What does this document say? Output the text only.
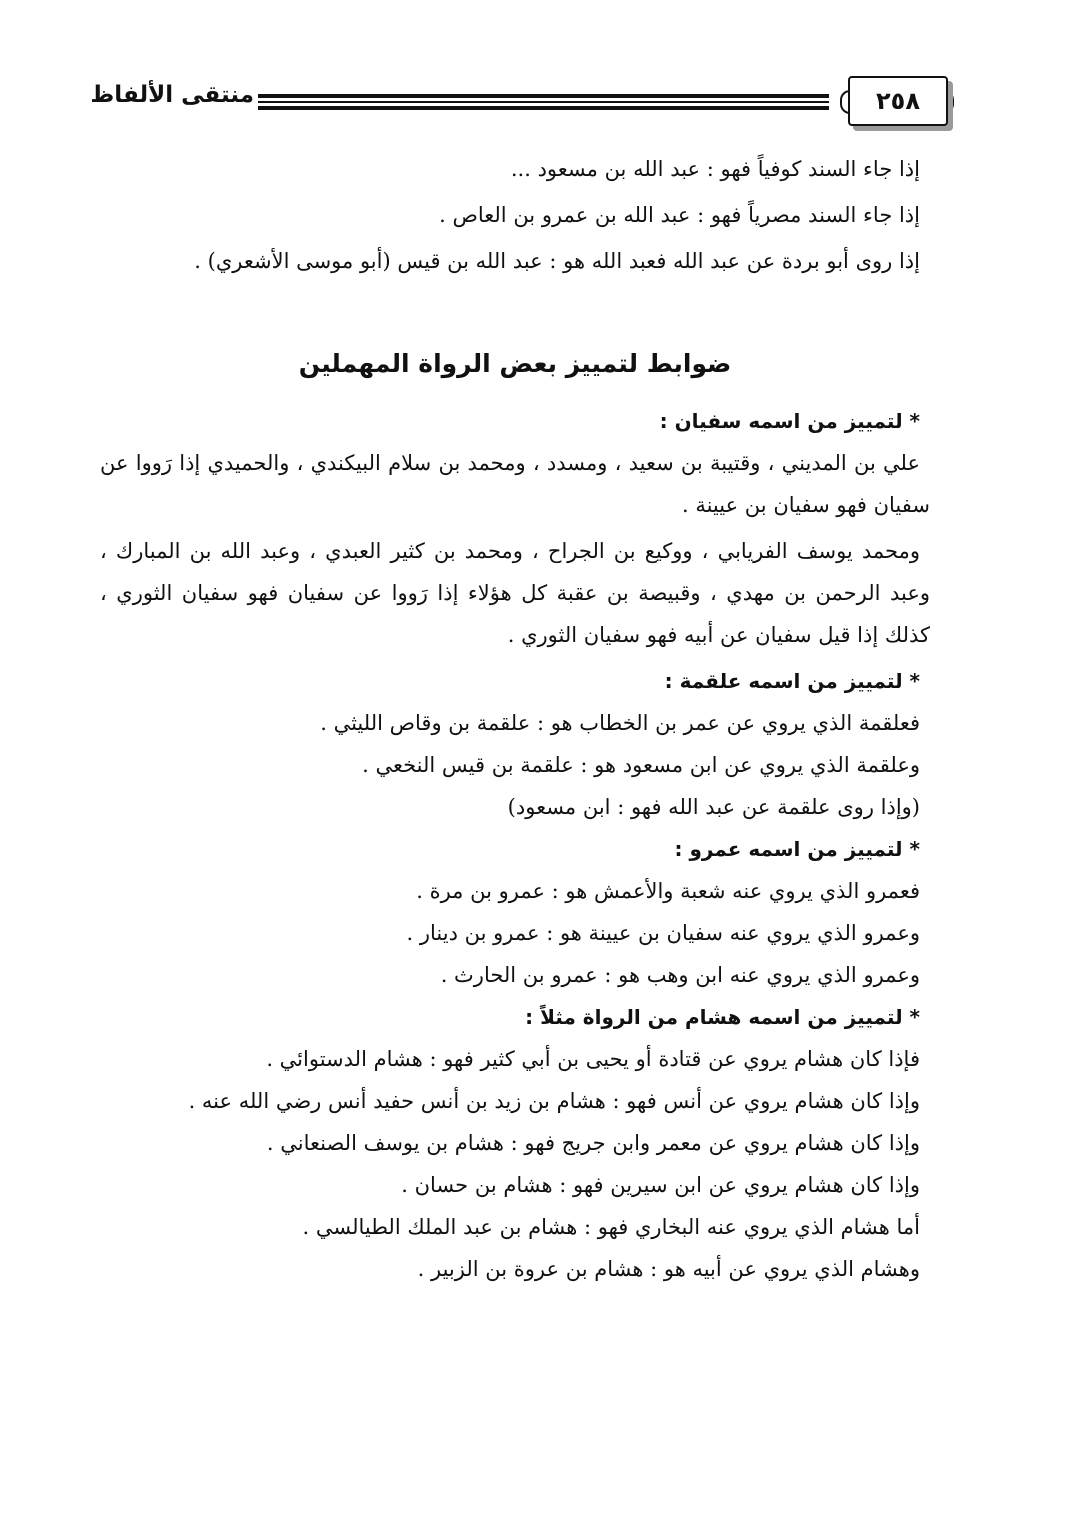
منتقى الألفاظ	٢٥٨

إذا جاء السند كوفياً فهو : عبد الله بن مسعود ...

إذا جاء السند مصرياً فهو : عبد الله بن عمرو بن العاص .

إذا روى أبو بردة عن عبد الله فعبد الله هو : عبد الله بن قيس (أبو موسى الأشعري) .

ضوابط لتمييز بعض الرواة المهملين

* لتمييز من اسمه سفيان :

علي بن المديني ، وقتيبة بن سعيد ، ومسدد ، ومحمد بن سلام البيكندي ، والحميدي إذا رَووا عن سفيان فهو سفيان بن عيينة .

ومحمد يوسف الفريابي ، ووكيع بن الجراح ، ومحمد بن كثير العبدي ، وعبد الله بن المبارك ، وعبد الرحمن بن مهدي ، وقبيصة بن عقبة كل هؤلاء إذا رَووا عن سفيان فهو سفيان الثوري ، كذلك إذا قيل سفيان عن أبيه فهو سفيان الثوري .

* لتمييز من اسمه علقمة :

فعلقمة الذي يروي عن عمر بن الخطاب هو : علقمة بن وقاص الليثي .

وعلقمة الذي يروي عن ابن مسعود هو : علقمة بن قيس النخعي .

(وإذا روى علقمة عن عبد الله فهو : ابن مسعود)

* لتمييز من اسمه عمرو :

فعمرو الذي يروي عنه شعبة والأعمش هو : عمرو بن مرة .

وعمرو الذي يروي عنه سفيان بن عيينة هو : عمرو بن دينار .

وعمرو الذي يروي عنه ابن وهب هو : عمرو بن الحارث .

* لتمييز من اسمه هشام من الرواة مثلاً :

فإذا كان هشام يروي عن قتادة أو يحيى بن أبي كثير فهو : هشام الدستوائي .

وإذا كان هشام يروي عن أنس فهو : هشام بن زيد بن أنس حفيد أنس رضي الله عنه .

وإذا كان هشام يروي عن معمر وابن جريج فهو : هشام بن يوسف الصنعاني .

وإذا كان هشام يروي عن ابن سيرين فهو : هشام بن حسان .

أما هشام الذي يروي عنه البخاري فهو : هشام بن عبد الملك الطيالسي .

وهشام الذي يروي عن أبيه هو : هشام بن عروة بن الزبير .
